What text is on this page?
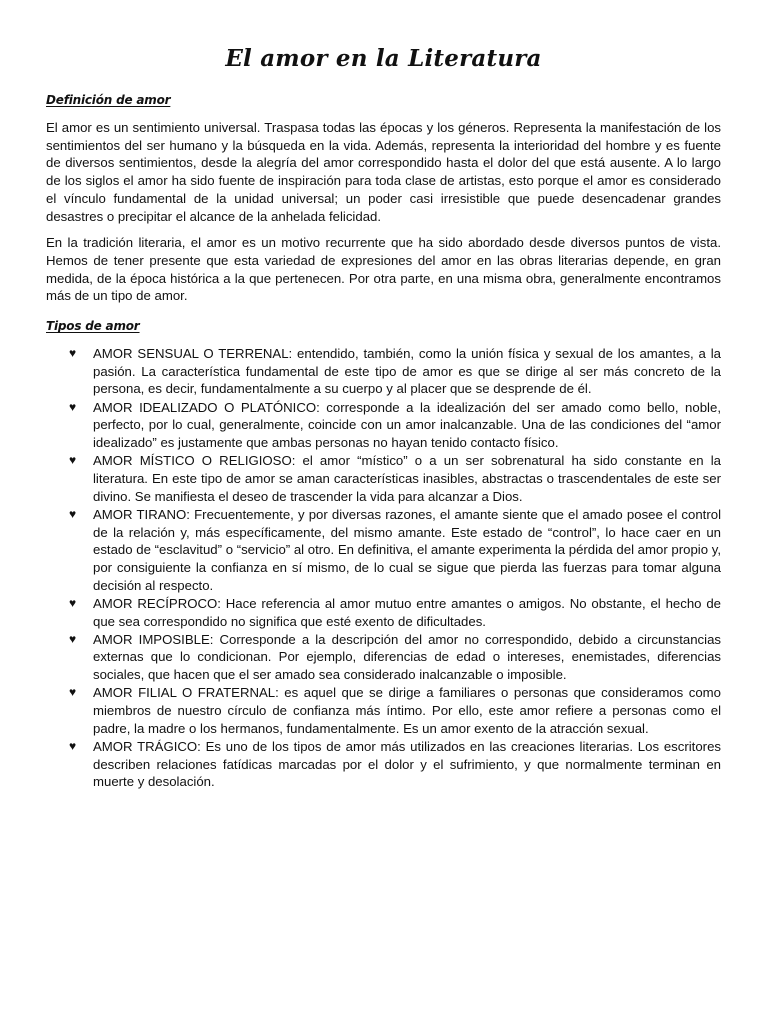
El amor en la Literatura
Definición de amor

El amor es un sentimiento universal. Traspasa todas las épocas y los géneros. Representa la manifestación de los sentimientos del ser humano y la búsqueda en la vida. Además, representa la interioridad del hombre y es fuente de diversos sentimientos, desde la alegría del amor correspondido hasta el dolor del que está ausente. A lo largo de los siglos el amor ha sido fuente de inspiración para toda clase de artistas, esto porque el amor es considerado el vínculo fundamental de la unidad universal; un poder casi irresistible que puede desencadenar grandes desastres o precipitar el alcance de la anhelada felicidad.

En la tradición literaria, el amor es un motivo recurrente que ha sido abordado desde diversos puntos de vista. Hemos de tener presente que esta variedad de expresiones del amor en las obras literarias depende, en gran medida, de la época histórica a la que pertenecen. Por otra parte, en una misma obra, generalmente encontramos más de un tipo de amor.

Tipos de amor
♥ AMOR SENSUAL O TERRENAL: entendido, también, como la unión física y sexual de los amantes, a la pasión. La característica fundamental de este tipo de amor es que se dirige al ser más concreto de la persona, es decir, fundamentalmente a su cuerpo y al placer que se desprende de él.
♥ AMOR IDEALIZADO O PLATÓNICO: corresponde a la idealización del ser amado como bello, noble, perfecto, por lo cual, generalmente, coincide con un amor inalcanzable. Una de las condiciones del “amor idealizado” es justamente que ambas personas no hayan tenido contacto físico.
♥ AMOR MÍSTICO O RELIGIOSO: el amor “místico” o a un ser sobrenatural ha sido constante en la literatura. En este tipo de amor se aman características inasibles, abstractas o trascendentales de este ser divino. Se manifiesta el deseo de trascender la vida para alcanzar a Dios.
♥ AMOR TIRANO: Frecuentemente, y por diversas razones, el amante siente que el amado posee el control de la relación y, más específicamente, del mismo amante. Este estado de “control”, lo hace caer en un estado de “esclavitud” o “servicio” al otro. En definitiva, el amante experimenta la pérdida del amor propio y, por consiguiente la confianza en sí mismo, de lo cual se sigue que pierda las fuerzas para tomar alguna decisión al respecto.
♥ AMOR RECÍPROCO: Hace referencia al amor mutuo entre amantes o amigos. No obstante, el hecho de que sea correspondido no significa que esté exento de dificultades.
♥ AMOR IMPOSIBLE: Corresponde a la descripción del amor no correspondido, debido a circunstancias externas que lo condicionan. Por ejemplo, diferencias de edad o intereses, enemistades, diferencias sociales, que hacen que el ser amado sea considerado inalcanzable o imposible.
♥ AMOR FILIAL O FRATERNAL: es aquel que se dirige a familiares o personas que consideramos como miembros de nuestro círculo de confianza más íntimo. Por ello, este amor refiere a personas como el padre, la madre o los hermanos, fundamentalmente. Es un amor exento de la atracción sexual.
♥ AMOR TRÁGICO: Es uno de los tipos de amor más utilizados en las creaciones literarias. Los escritores describen relaciones fatídicas marcadas por el dolor y el sufrimiento, y que normalmente terminan en muerte y desolación.
